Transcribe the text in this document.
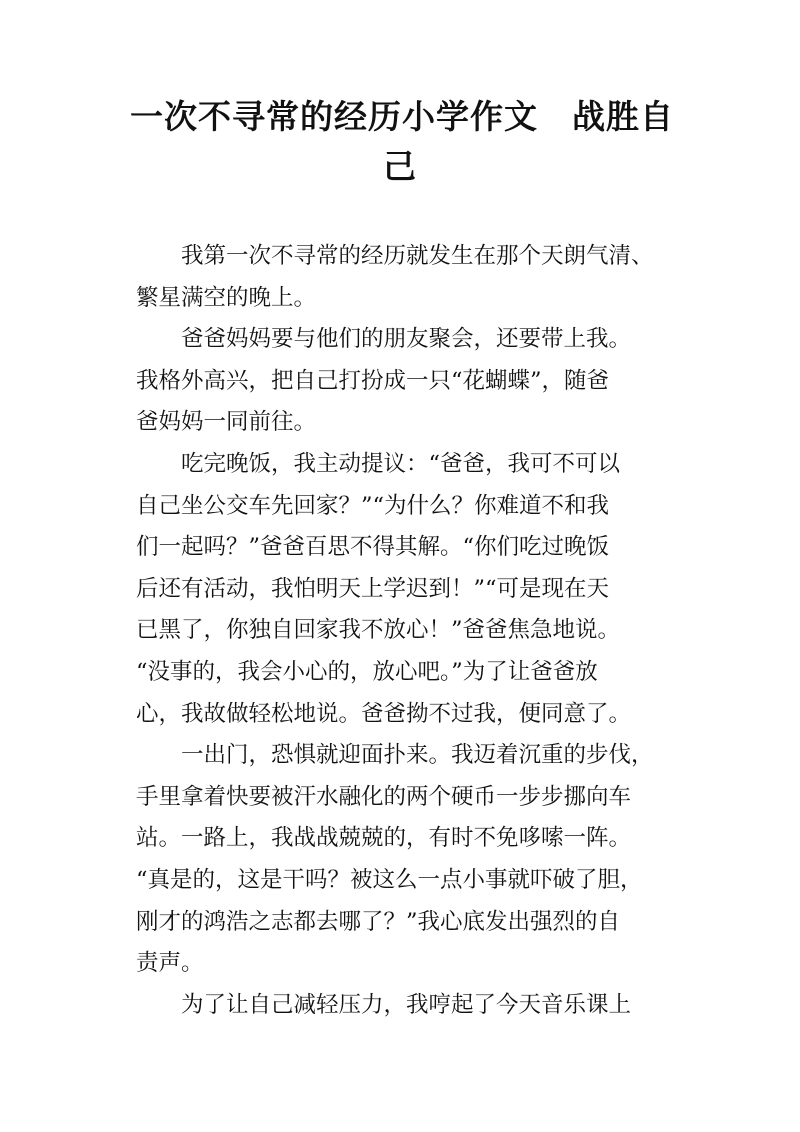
一次不寻常的经历小学作文　战胜自
己

我第一次不寻常的经历就发生在那个天朗气清、
繁星满空的晚上。

爸爸妈妈要与他们的朋友聚会，还要带上我。
我格外高兴，把自己打扮成一只“花蝴蝶”，随爸
爸妈妈一同前往。

吃完晚饭，我主动提议：“爸爸，我可不可以
自己坐公交车先回家？”“为什么？你难道不和我
们一起吗？”爸爸百思不得其解。“你们吃过晚饭
后还有活动，我怕明天上学迟到！”“可是现在天
已黑了，你独自回家我不放心！”爸爸焦急地说。
“没事的，我会小心的，放心吧。”为了让爸爸放
心，我故做轻松地说。爸爸拗不过我，便同意了。

一出门，恐惧就迎面扑来。我迈着沉重的步伐，
手里拿着快要被汗水融化的两个硬币一步步挪向车
站。一路上，我战战兢兢的，有时不免哆嗦一阵。
“真是的，这是干吗？被这么一点小事就吓破了胆，
刚才的鸿浩之志都去哪了？”我心底发出强烈的自
责声。

为了让自己减轻压力，我哼起了今天音乐课上
